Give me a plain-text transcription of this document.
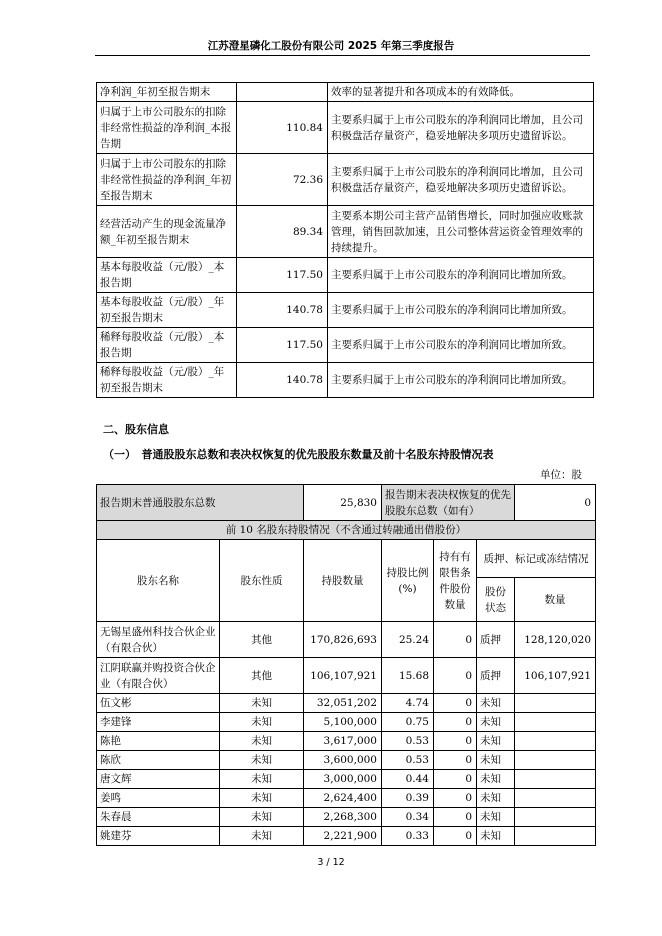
江苏澄星磷化工股份有限公司 2025 年第三季度报告
净利润_年初至报告期末		效率的显著提升和各项成本的有效降低。
归属于上市公司股东的扣除非经常性损益的净利润_本报告期	110.84	主要系归属于上市公司股东的净利润同比增加，且公司积极盘活存量资产，稳妥地解决多项历史遗留诉讼。
归属于上市公司股东的扣除非经常性损益的净利润_年初至报告期末	72.36	主要系归属于上市公司股东的净利润同比增加，且公司积极盘活存量资产，稳妥地解决多项历史遗留诉讼。
经营活动产生的现金流量净额_年初至报告期末	89.34	主要系本期公司主营产品销售增长，同时加强应收账款管理，销售回款加速，且公司整体营运资金管理效率的持续提升。
基本每股收益（元/股）_本报告期	117.50	主要系归属于上市公司股东的净利润同比增加所致。
基本每股收益（元/股）_年初至报告期末	140.78	主要系归属于上市公司股东的净利润同比增加所致。
稀释每股收益（元/股）_本报告期	117.50	主要系归属于上市公司股东的净利润同比增加所致。
稀释每股收益（元/股）_年初至报告期末	140.78	主要系归属于上市公司股东的净利润同比增加所致。
二、股东信息
（一）　普通股股东总数和表决权恢复的优先股股东数量及前十名股东持股情况表
单位：股
报告期末普通股股东总数		25,830	报告期末表决权恢复的优先股股东总数（如有）			0
前 10 名股东持股情况（不含通过转融通出借股份）						
股东名称	股东性质	持股数量	持股比例(%)	持有有限售条件股份数量	质押、标记或冻结情况	
					股份状态	数量
无锡星盛州科技合伙企业（有限合伙）	其他	170,826,693	25.24	0	质押	128,120,020
江阴联赢并购投资合伙企业（有限合伙）	其他	106,107,921	15.68	0	质押	106,107,921
伍文彬	未知	32,051,202	4.74	0	未知	
李建锋	未知	5,100,000	0.75	0	未知	
陈艳	未知	3,617,000	0.53	0	未知	
陈欣	未知	3,600,000	0.53	0	未知	
唐文辉	未知	3,000,000	0.44	0	未知	
姜鸣	未知	2,624,400	0.39	0	未知	
朱春晨	未知	2,268,300	0.34	0	未知	
姚建芬	未知	2,221,900	0.33	0	未知	
3 / 12
